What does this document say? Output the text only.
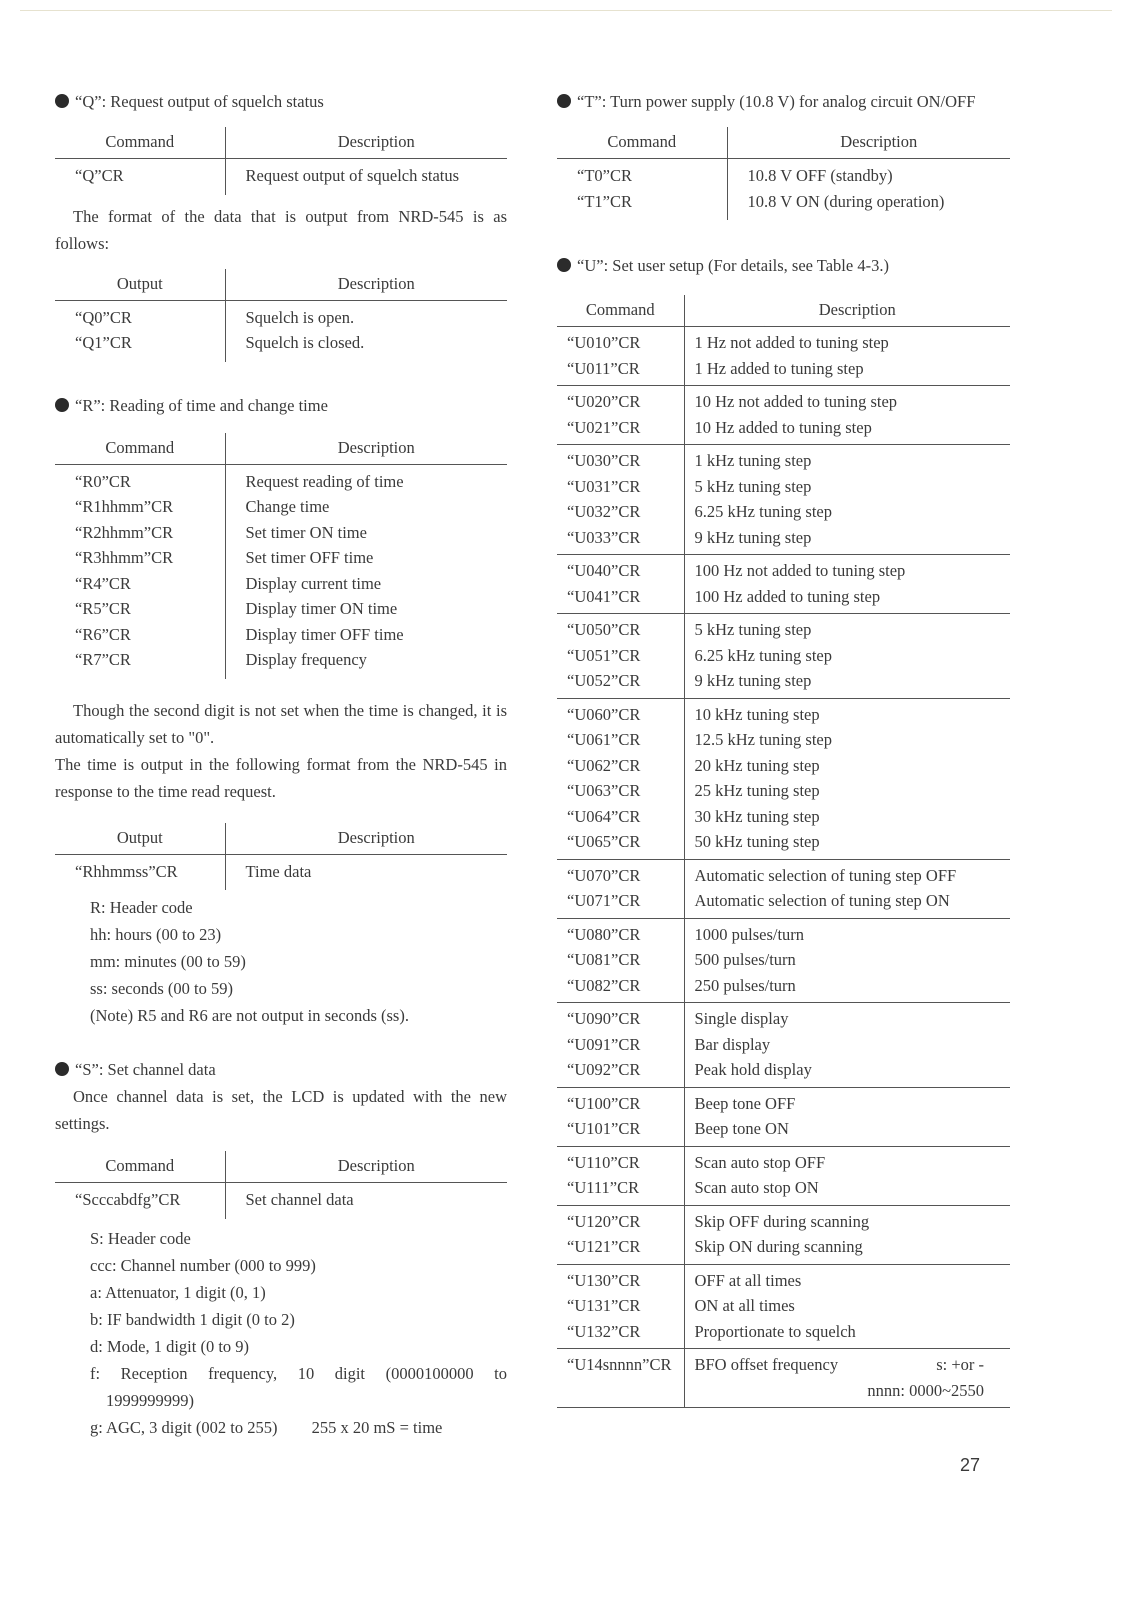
“Q”: Request output of squelch status

Command	Description
“Q”CR	Request output of squelch status

The format of the data that is output from NRD-545 is as follows:

Output	Description
“Q0”CR	Squelch is open.
“Q1”CR	Squelch is closed.

“R”: Reading of time and change time

Command	Description
“R0”CR	Request reading of time
“R1hhmm”CR	Change time
“R2hhmm”CR	Set timer ON time
“R3hhmm”CR	Set timer OFF time
“R4”CR	Display current time
“R5”CR	Display timer ON time
“R6”CR	Display timer OFF time
“R7”CR	Display frequency

Though the second digit is not set when the time is changed, it is automatically set to "0".

The time is output in the following format from the NRD-545 in response to the time read request.

Output	Description
“Rhhmmss”CR	Time data
R: Header code
hh: hours (00 to 23)
mm: minutes (00 to 59)
ss: seconds (00 to 59)
(Note) R5 and R6 are not output in seconds (ss).

“S”: Set channel data

Once channel data is set, the LCD is updated with the new settings.

Command	Description
“Scccabdfg”CR	Set channel data
S: Header code
ccc: Channel number (000 to 999)
a: Attenuator, 1 digit (0, 1)
b: IF bandwidth 1 digit (0 to 2)
d: Mode, 1 digit (0 to 9)
f: Reception frequency, 10 digit (0000100000 to
1999999999)
g: AGC, 3 digit (002 to 255) 255 x 20 mS = time

“T”: Turn power supply (10.8 V) for analog circuit ON/OFF

Command	Description
“T0”CR	10.8 V OFF (standby)
“T1”CR	10.8 V ON (during operation)

“U”: Set user setup (For details, see Table 4-3.)

Command	Description
“U010”CR	1 Hz not added to tuning step
“U011”CR	1 Hz added to tuning step
“U020”CR	10 Hz not added to tuning step
“U021”CR	10 Hz added to tuning step
“U030”CR	1 kHz tuning step
“U031”CR	5 kHz tuning step
“U032”CR	6.25 kHz tuning step
“U033”CR	9 kHz tuning step
“U040”CR	100 Hz not added to tuning step
“U041”CR	100 Hz added to tuning step
“U050”CR	5 kHz tuning step
“U051”CR	6.25 kHz tuning step
“U052”CR	9 kHz tuning step
“U060”CR	10 kHz tuning step
“U061”CR	12.5 kHz tuning step
“U062”CR	20 kHz tuning step
“U063”CR	25 kHz tuning step
“U064”CR	30 kHz tuning step
“U065”CR	50 kHz tuning step
“U070”CR	Automatic selection of tuning step OFF
“U071”CR	Automatic selection of tuning step ON
“U080”CR	1000 pulses/turn
“U081”CR	500 pulses/turn
“U082”CR	250 pulses/turn
“U090”CR	Single display
“U091”CR	Bar display
“U092”CR	Peak hold display
“U100”CR	Beep tone OFF
“U101”CR	Beep tone ON
“U110”CR	Scan auto stop OFF
“U111”CR	Scan auto stop ON
“U120”CR	Skip OFF during scanning
“U121”CR	Skip ON during scanning
“U130”CR	OFF at all times
“U131”CR	ON at all times
“U132”CR	Proportionate to squelch
“U14snnnn”CR	BFO offset frequency s: +or -

	nnnn: 0000~2550
27
